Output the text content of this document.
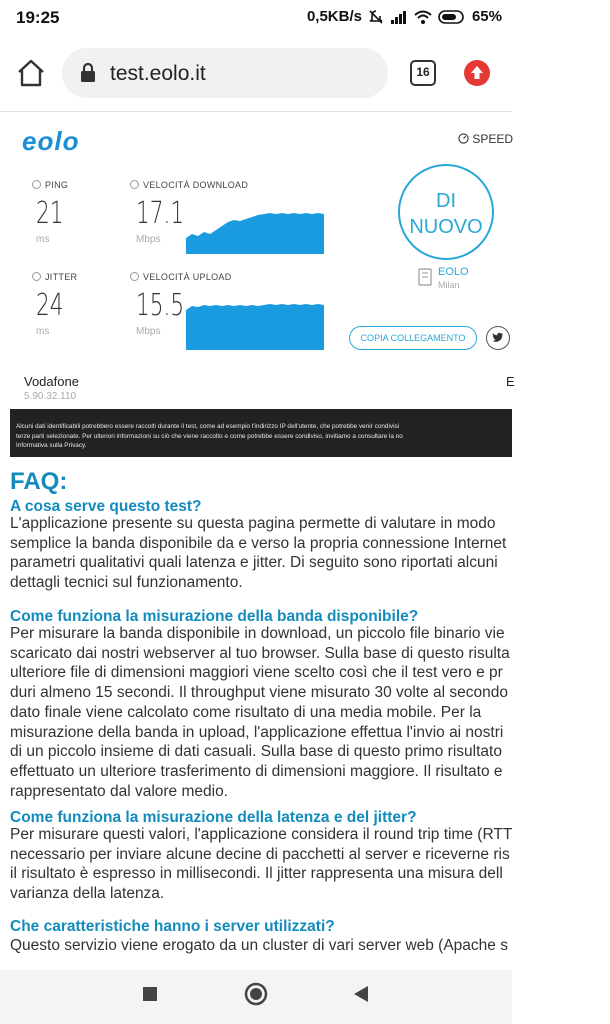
19:25	0,5KB/s	65%
test.eolo.it	16
eolo	SPEED
PING
21
ms
VELOCITÀ DOWNLOAD
17.1
Mbps
JITTER
24
ms
VELOCITÀ UPLOAD
15.5
Mbps
DI
NUOVO
EOLO
Milan
COPIA COLLEGAMENTO
Vodafone
5.90.32.110
E
Alcuni dati identificabili potrebbero essere raccolti durante il test, come ad esempio l'indirizzo IP dell'utente, che potrebbe venir condivisi
terze parti selezionate. Per ulteriori informazioni su ciò che viene raccolto e come potrebbe essere condiviso, invitiamo a consultare la no
Informativa sulla Privacy.
FAQ:
A cosa serve questo test?

L'applicazione presente su questa pagina permette di valutare in modo

semplice la banda disponibile da e verso la propria connessione Internet

parametri qualitativi quali latenza e jitter. Di seguito sono riportati alcuni

dettagli tecnici sul funzionamento.

Come funziona la misurazione della banda disponibile?

Per misurare la banda disponibile in download, un piccolo file binario vie

scaricato dai nostri webserver al tuo browser. Sulla base di questo risulta

ulteriore file di dimensioni maggiori viene scelto così che il test vero e pr

duri almeno 15 secondi. Il throughput viene misurato 30 volte al secondo

dato finale viene calcolato come risultato di una media mobile. Per la

misurazione della banda in upload, l'applicazione effettua l'invio ai nostri

di un piccolo insieme di dati casuali. Sulla base di questo primo risultato

effettuato un ulteriore trasferimento di dimensioni maggiore. Il risultato e

rappresentato dal valore medio.

Come funziona la misurazione della latenza e del jitter?

Per misurare questi valori, l'applicazione considera il round trip time (RTT

necessario per inviare alcune decine di pacchetti al server e riceverne ris

il risultato è espresso in millisecondi. Il jitter rappresenta una misura dell

varianza della latenza.

Che caratteristiche hanno i server utilizzati?

Questo servizio viene erogato da un cluster di vari server web (Apache s
